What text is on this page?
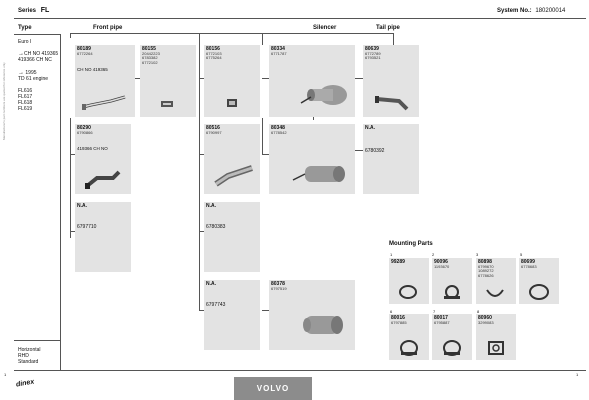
Manufacturer's part numbers are quoted for reference only
Series FL	System No.: 180200014
Type	Front pipe	Silencer	Tail pipe
Euro I
→CH NO 419365
419366 CH NC
→ 1995
TD 61 engine
FL616
FL617
FL618
FL619
Horizontal
RHD
Standard
80189
6772264
CH NO 419365
80155
20442223
6783382
6772102
80156
6772103
6775264
80334
6771787
80639
6772789
6793521
80290
6790866
419366 CH NO
80516
6790997
80348
6778542
N.A.
6780392
N.A.
6797710
N.A.
6780383
N.A.
6797743
80378
6797519
Mounting Parts
1
99289
2
90096
1193670
3
80898
6799670
1089272
6778626
5
80699
6778683
6
80016
6797885
7
80017
6795887
8
80960
3299083
1	1
dinex	VOLVO
